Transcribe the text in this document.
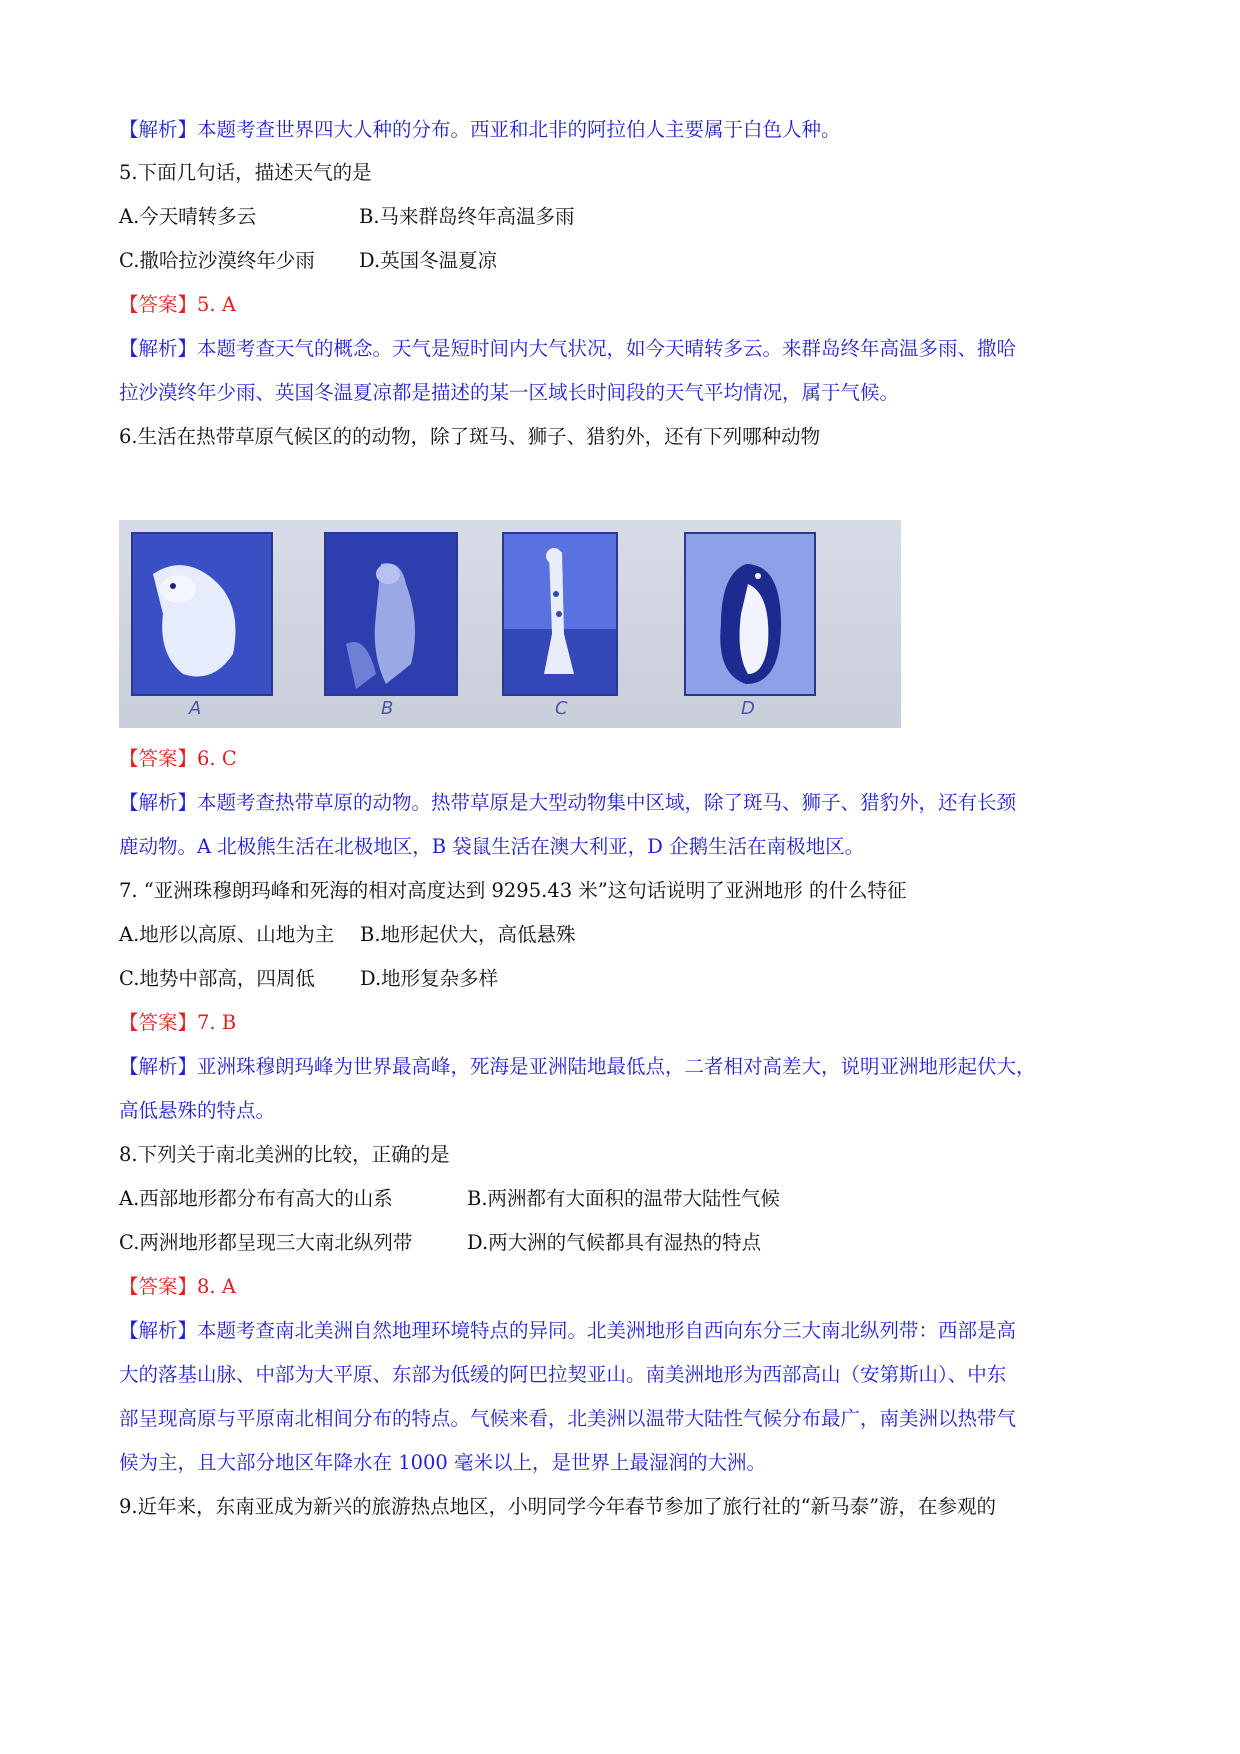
【解析】本题考查世界四大人种的分布。西亚和北非的阿拉伯人主要属于白色人种。
5.下面几句话，描述天气的是
A.今天晴转多云	B.马来群岛终年高温多雨
C.撒哈拉沙漠终年少雨 D.英国冬温夏凉
【答案】5. A
【解析】本题考查天气的概念。天气是短时间内大气状况，如今天晴转多云。来群岛终年高温多雨、撒哈
拉沙漠终年少雨、英国冬温夏凉都是描述的某一区域长时间段的天气平均情况，属于气候。
6.生活在热带草原气候区的的动物，除了斑马、狮子、猎豹外，还有下列哪种动物
A	B	C	D
【答案】6. C
【解析】本题考查热带草原的动物。热带草原是大型动物集中区域，除了斑马、狮子、猎豹外，还有长颈
鹿动物。A 北极熊生活在北极地区，B 袋鼠生活在澳大利亚，D 企鹅生活在南极地区。
7. “亚洲珠穆朗玛峰和死海的相对高度达到 9295.43 米”这句话说明了亚洲地形 的什么特征
A.地形以高原、山地为主 B.地形起伏大，高低悬殊
C.地势中部高，四周低 D.地形复杂多样
【答案】7. B
【解析】亚洲珠穆朗玛峰为世界最高峰，死海是亚洲陆地最低点，二者相对高差大，说明亚洲地形起伏大，
高低悬殊的特点。
8.下列关于南北美洲的比较，正确的是
A.西部地形都分布有高大的山系	B.两洲都有大面积的温带大陆性气候
C.两洲地形都呈现三大南北纵列带	D.两大洲的气候都具有湿热的特点
【答案】8. A
【解析】本题考查南北美洲自然地理环境特点的异同。北美洲地形自西向东分三大南北纵列带：西部是高
大的落基山脉、中部为大平原、东部为低缓的阿巴拉契亚山。南美洲地形为西部高山（安第斯山）、中东
部呈现高原与平原南北相间分布的特点。气候来看，北美洲以温带大陆性气候分布最广，南美洲以热带气
候为主，且大部分地区年降水在 1000 毫米以上，是世界上最湿润的大洲。
9.近年来，东南亚成为新兴的旅游热点地区，小明同学今年春节参加了旅行社的“新马泰”游，在参观的
